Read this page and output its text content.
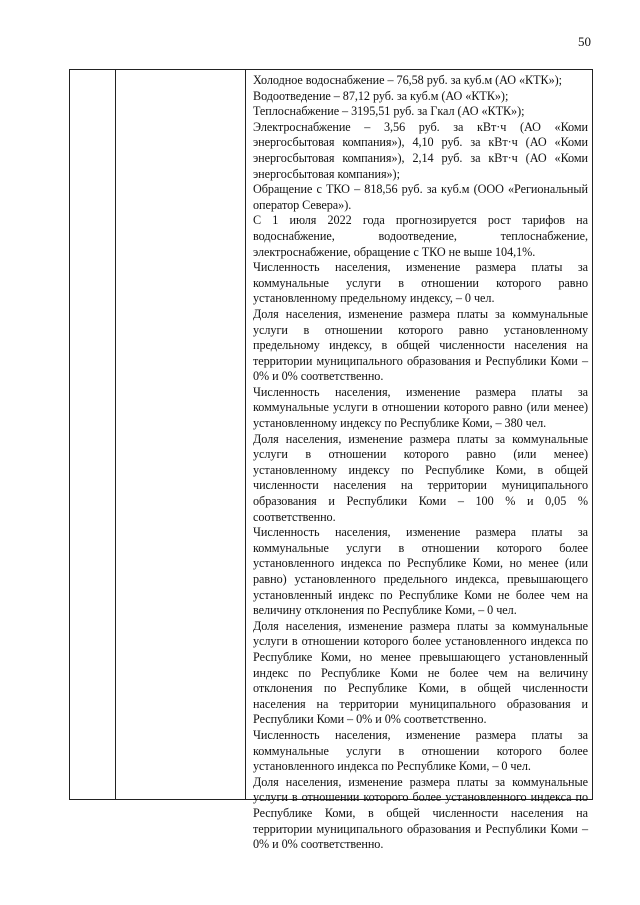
50

Холодное водоснабжение – 76,58 руб. за куб.м (АО «КТК»);

Водоотведение – 87,12 руб. за куб.м (АО «КТК»);

Теплоснабжение – 3195,51 руб. за Гкал (АО «КТК»);

Электроснабжение – 3,56 руб. за кВт·ч (АО «Коми энергосбытовая компания»), 4,10 руб. за кВт·ч (АО «Коми энергосбытовая компания»), 2,14 руб. за кВт·ч (АО «Коми энергосбытовая компания»);

Обращение с ТКО – 818,56 руб. за куб.м (ООО «Региональный оператор Севера»).

С 1 июля 2022 года прогнозируется рост тарифов на водоснабжение, водоотведение, теплоснабжение, электроснабжение, обращение с ТКО не выше 104,1%.

Численность населения, изменение размера платы за коммунальные услуги в отношении которого равно установленному предельному индексу, – 0 чел.

Доля населения, изменение размера платы за коммунальные услуги в отношении которого равно установленному предельному индексу, в общей численности населения на территории муниципального образования и Республики Коми – 0% и 0% соответственно.

Численность населения, изменение размера платы за коммунальные услуги в отношении которого равно (или менее) установленному индексу по Республике Коми, – 380 чел.

Доля населения, изменение размера платы за коммунальные услуги в отношении которого равно (или менее) установленному индексу по Республике Коми, в общей численности населения на территории муниципального образования и Республики Коми – 100 % и 0,05 % соответственно.

Численность населения, изменение размера платы за коммунальные услуги в отношении которого более установленного индекса по Республике Коми, но менее (или равно) установленного предельного индекса, превышающего установленный индекс по Республике Коми не более чем на величину отклонения по Республике Коми, – 0 чел.

Доля населения, изменение размера платы за коммунальные услуги в отношении которого более установленного индекса по Республике Коми, но менее превышающего установленный индекс по Республике Коми не более чем на величину отклонения по Республике Коми, в общей численности населения на территории муниципального образования и Республики Коми – 0% и 0% соответственно.

Численность населения, изменение размера платы за коммунальные услуги в отношении которого более установленного индекса по Республике Коми, – 0 чел.

Доля населения, изменение размера платы за коммунальные услуги в отношении которого более установленного индекса по Республике Коми, в общей численности населения на территории муниципального образования и Республики Коми – 0% и 0% соответственно.
